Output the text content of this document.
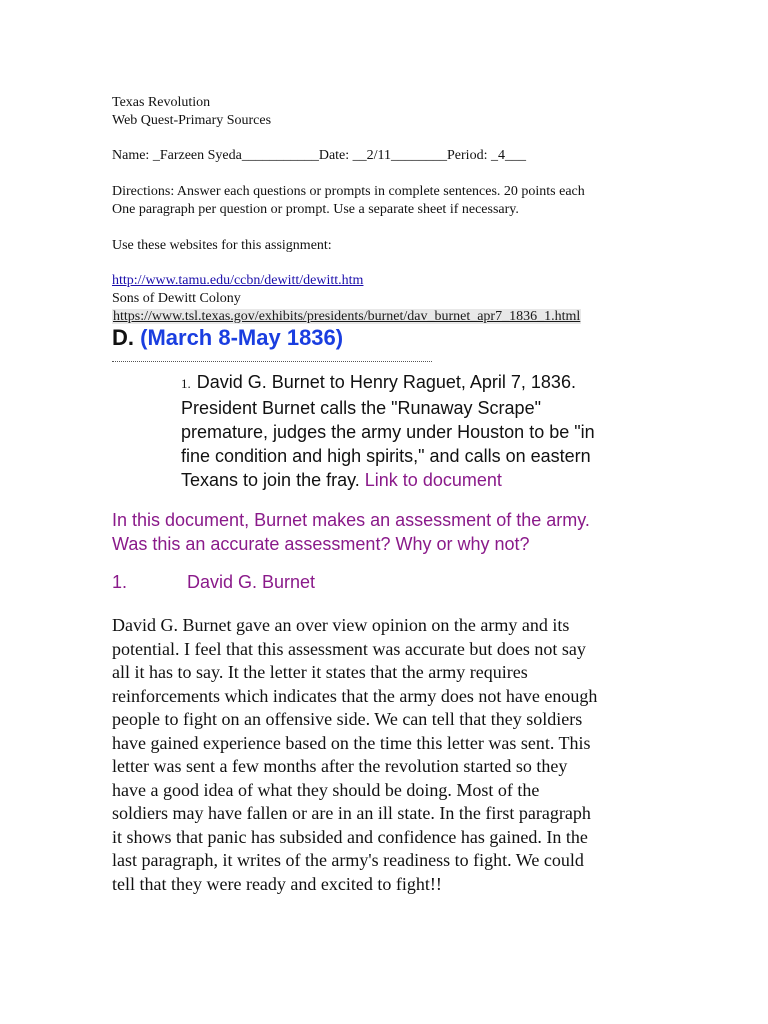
Texas Revolution
Web Quest-Primary Sources
Name: _Farzeen Syeda___________Date: __2/11________Period: _4___
Directions: Answer each questions or prompts in complete sentences. 20 points each
One paragraph per question or prompt. Use a separate sheet if necessary.
Use these websites for this assignment:
http://www.tamu.edu/ccbn/dewitt/dewitt.htm
Sons of Dewitt Colony
https://www.tsl.texas.gov/exhibits/presidents/burnet/dav_burnet_apr7_1836_1.html
D. (March 8-May 1836)
1. David G. Burnet to Henry Raguet, April 7, 1836.
President Burnet calls the "Runaway Scrape"
premature, judges the army under Houston to be "in
fine condition and high spirits," and calls on eastern
Texans to join the fray. Link to document
In this document, Burnet makes an assessment of the army.
Was this an accurate assessment? Why or why not?
1.	David G. Burnet
David G. Burnet gave an over view opinion on the army and its
potential. I feel that this assessment was accurate but does not say
all it has to say. It the letter it states that the army requires
reinforcements which indicates that the army does not have enough
people to fight on an offensive side. We can tell that they soldiers
have gained experience based on the time this letter was sent. This
letter was sent a few months after the revolution started so they
have a good idea of what they should be doing. Most of the
soldiers may have fallen or are in an ill state. In the first paragraph
it shows that panic has subsided and confidence has gained. In the
last paragraph, it writes of the army's readiness to fight. We could
tell that they were ready and excited to fight!!
